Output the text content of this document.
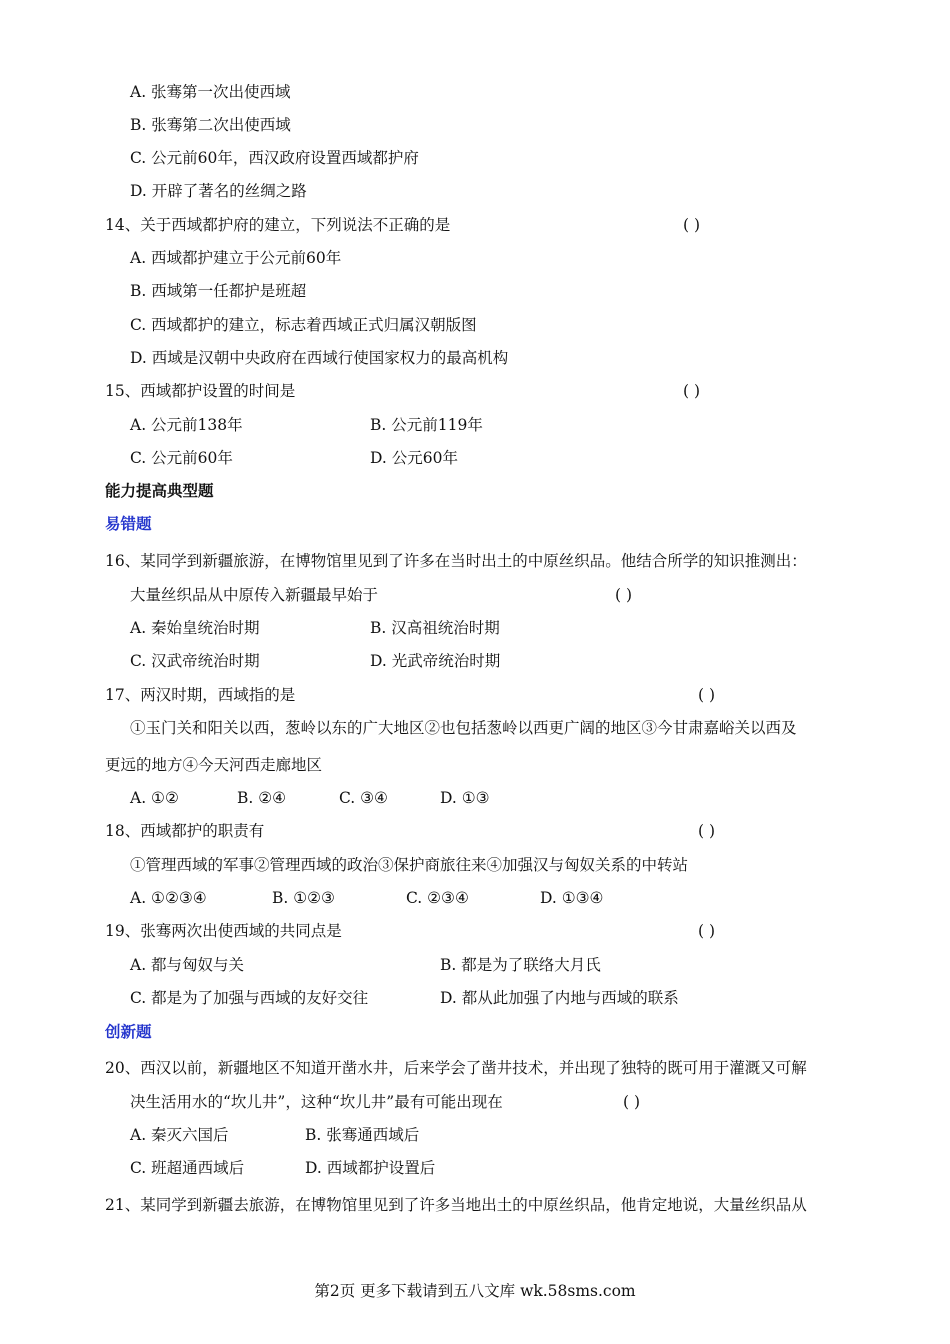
A. 张骞第一次出使西域
B. 张骞第二次出使西域
C. 公元前60年，西汉政府设置西域都护府
D. 开辟了著名的丝绸之路
14、关于西域都护府的建立，下列说法不正确的是	( )
A. 西域都护建立于公元前60年
B. 西域第一任都护是班超
C. 西域都护的建立，标志着西域正式归属汉朝版图
D. 西域是汉朝中央政府在西域行使国家权力的最高机构
15、西域都护设置的时间是	( )
A. 公元前138年	B. 公元前119年
C. 公元前60年	D. 公元60年
能力提高典型题
易错题
16、某同学到新疆旅游，在博物馆里见到了许多在当时出土的中原丝织品。他结合所学的知识推测出：
大量丝织品从中原传入新疆最早始于	( )
A. 秦始皇统治时期	B. 汉高祖统治时期
C. 汉武帝统治时期	D. 光武帝统治时期
17、两汉时期，西域指的是	( )
①玉门关和阳关以西，葱岭以东的广大地区②也包括葱岭以西更广阔的地区③今甘肃嘉峪关以西及
更远的地方④今天河西走廊地区
A. ①②	B. ②④	C. ③④	D. ①③
18、西域都护的职责有	( )
①管理西域的军事②管理西域的政治③保护商旅往来④加强汉与匈奴关系的中转站
A. ①②③④	B. ①②③	C. ②③④	D. ①③④
19、张骞两次出使西域的共同点是	( )
A. 都与匈奴与关	B. 都是为了联络大月氏
C. 都是为了加强与西域的友好交往	D. 都从此加强了内地与西域的联系
创新题
20、西汉以前，新疆地区不知道开凿水井，后来学会了凿井技术，并出现了独特的既可用于灌溉又可解
决生活用水的“坎儿井”，这种“坎儿井”最有可能出现在	( )
A. 秦灭六国后	B. 张骞通西域后
C. 班超通西域后	D. 西域都护设置后
21、某同学到新疆去旅游，在博物馆里见到了许多当地出土的中原丝织品，他肯定地说，大量丝织品从
第2页 更多下载请到五八文库 wk.58sms.com
